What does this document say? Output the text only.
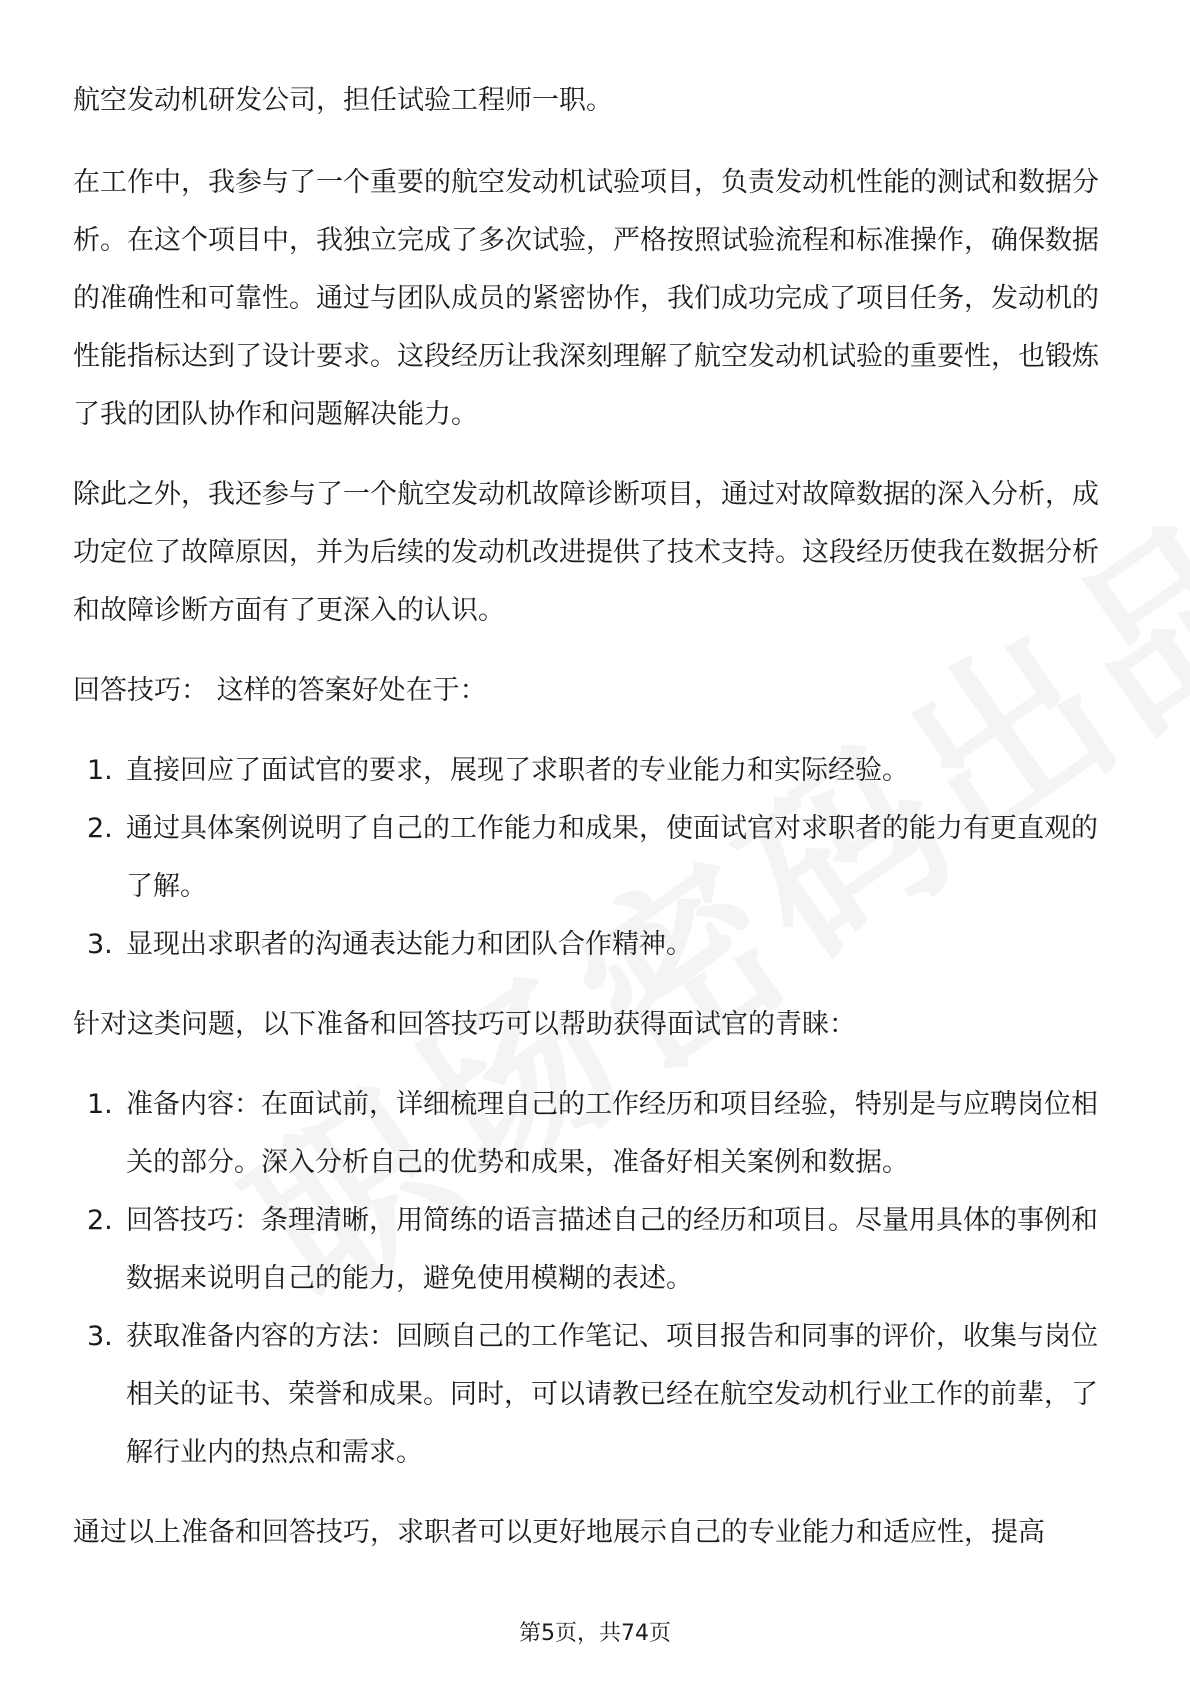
航空发动机研发公司，担任试验工程师一职。

在工作中，我参与了一个重要的航空发动机试验项目，负责发动机性能的测试和数据分析。在这个项目中，我独立完成了多次试验，严格按照试验流程和标准操作，确保数据的准确性和可靠性。通过与团队成员的紧密协作，我们成功完成了项目任务，发动机的性能指标达到了设计要求。这段经历让我深刻理解了航空发动机试验的重要性，也锻炼了我的团队协作和问题解决能力。

除此之外，我还参与了一个航空发动机故障诊断项目，通过对故障数据的深入分析，成功定位了故障原因，并为后续的发动机改进提供了技术支持。这段经历使我在数据分析和故障诊断方面有了更深入的认识。

回答技巧： 这样的答案好处在于：

1. 直接回应了面试官的要求，展现了求职者的专业能力和实际经验。
2. 通过具体案例说明了自己的工作能力和成果，使面试官对求职者的能力有更直观的了解。
3. 显现出求职者的沟通表达能力和团队合作精神。

针对这类问题，以下准备和回答技巧可以帮助获得面试官的青睐：

1. 准备内容：在面试前，详细梳理自己的工作经历和项目经验，特别是与应聘岗位相关的部分。深入分析自己的优势和成果，准备好相关案例和数据。
2. 回答技巧：条理清晰，用简练的语言描述自己的经历和项目。尽量用具体的事例和数据来说明自己的能力，避免使用模糊的表述。
3. 获取准备内容的方法：回顾自己的工作笔记、项目报告和同事的评价，收集与岗位相关的证书、荣誉和成果。同时，可以请教已经在航空发动机行业工作的前辈，了解行业内的热点和需求。

通过以上准备和回答技巧，求职者可以更好地展示自己的专业能力和适应性，提高

第5页，共74页
